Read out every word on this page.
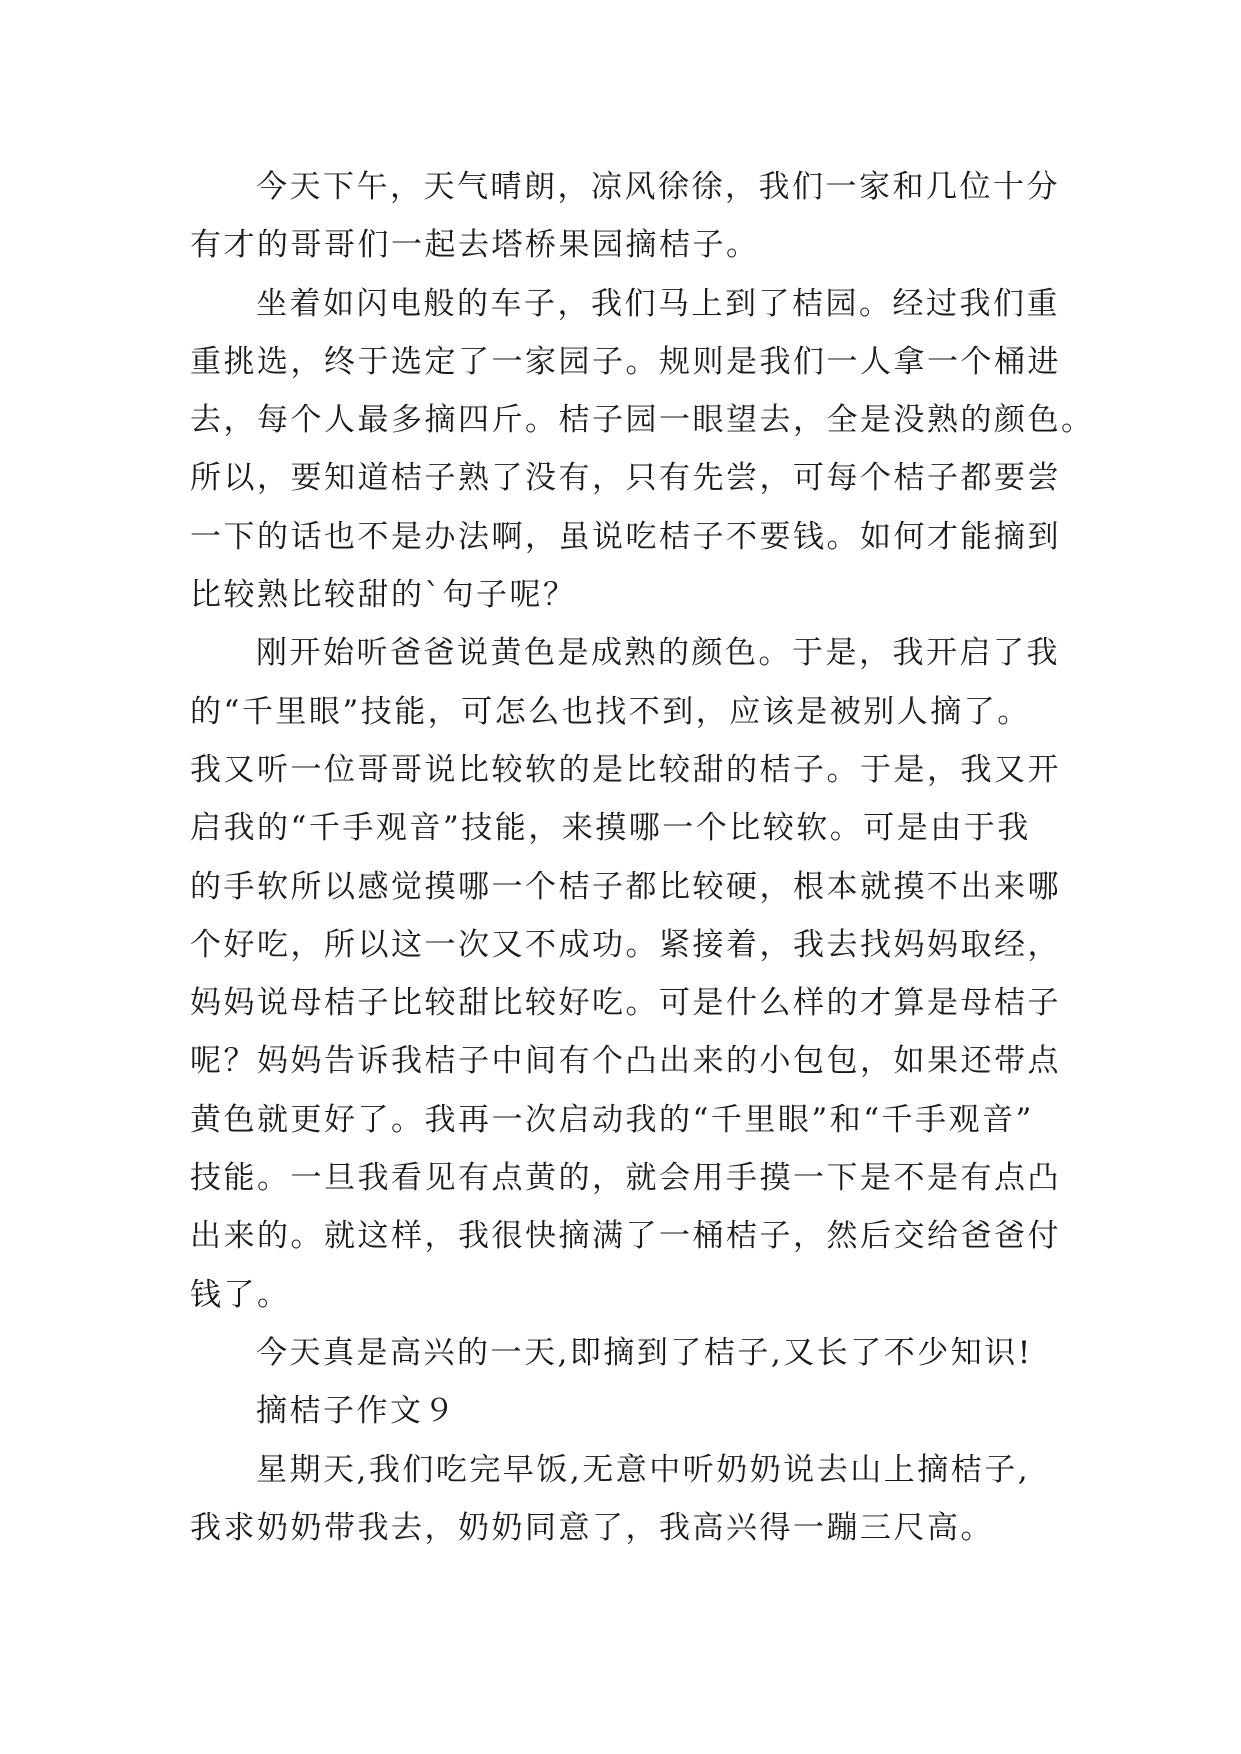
今天下午，天气晴朗，凉风徐徐，我们一家和几位十分
有才的哥哥们一起去塔桥果园摘桔子。
坐着如闪电般的车子，我们马上到了桔园。经过我们重
重挑选，终于选定了一家园子。规则是我们一人拿一个桶进
去，每个人最多摘四斤。桔子园一眼望去，全是没熟的颜色。
所以，要知道桔子熟了没有，只有先尝，可每个桔子都要尝
一下的话也不是办法啊，虽说吃桔子不要钱。如何才能摘到
比较熟比较甜的`句子呢？
刚开始听爸爸说黄色是成熟的颜色。于是，我开启了我
的“千里眼”技能，可怎么也找不到，应该是被别人摘了。
我又听一位哥哥说比较软的是比较甜的桔子。于是，我又开
启我的“千手观音”技能，来摸哪一个比较软。可是由于我
的手软所以感觉摸哪一个桔子都比较硬，根本就摸不出来哪
个好吃，所以这一次又不成功。紧接着，我去找妈妈取经，
妈妈说母桔子比较甜比较好吃。可是什么样的才算是母桔子
呢？妈妈告诉我桔子中间有个凸出来的小包包，如果还带点
黄色就更好了。我再一次启动我的“千里眼”和“千手观音”
技能。一旦我看见有点黄的，就会用手摸一下是不是有点凸
出来的。就这样，我很快摘满了一桶桔子，然后交给爸爸付
钱了。
今天真是高兴的一天,即摘到了桔子,又长了不少知识!
摘桔子作文９
星期天,我们吃完早饭,无意中听奶奶说去山上摘桔子,
我求奶奶带我去，奶奶同意了，我高兴得一蹦三尺高。
